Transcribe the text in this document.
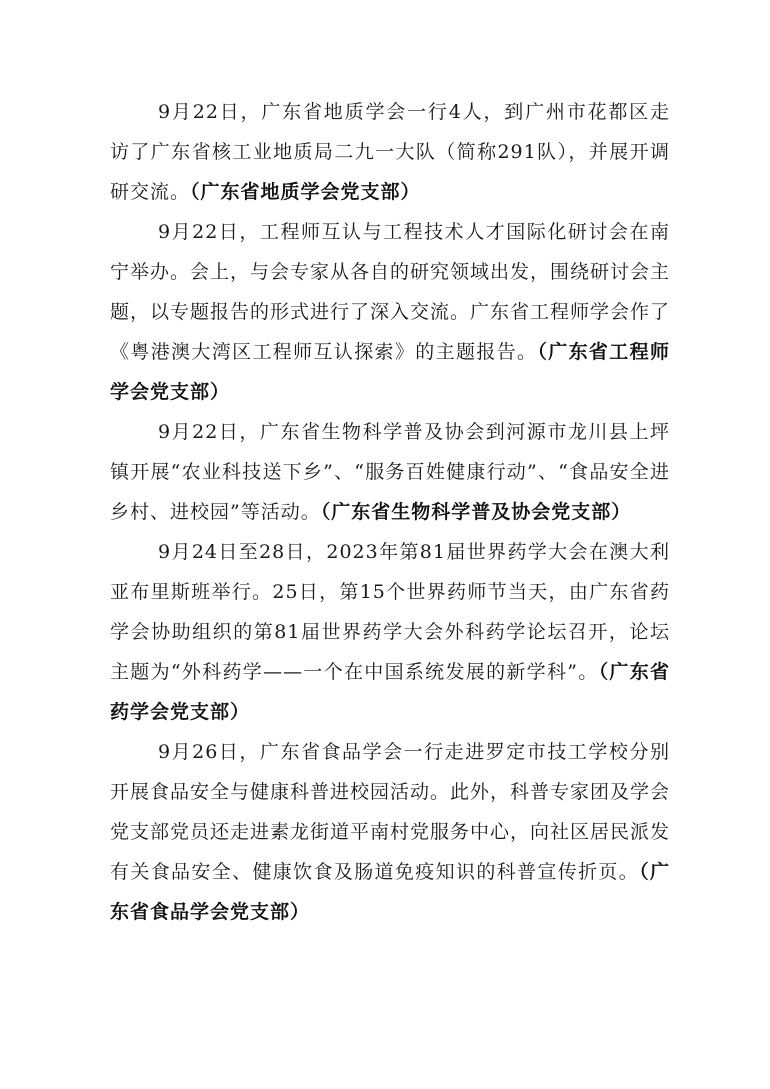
9月22日，广东省地质学会一行4人，到广州市花都区走访了广东省核工业地质局二九一大队（简称291队），并展开调研交流。（广东省地质学会党支部）

9月22日，工程师互认与工程技术人才国际化研讨会在南宁举办。会上，与会专家从各自的研究领域出发，围绕研讨会主题，以专题报告的形式进行了深入交流。广东省工程师学会作了《粤港澳大湾区工程师互认探索》的主题报告。（广东省工程师学会党支部）

9月22日，广东省生物科学普及协会到河源市龙川县上坪镇开展“农业科技送下乡”、“服务百姓健康行动”、“食品安全进乡村、进校园”等活动。（广东省生物科学普及协会党支部）

9月24日至28日，2023年第81届世界药学大会在澳大利亚布里斯班举行。25日，第15个世界药师节当天，由广东省药学会协助组织的第81届世界药学大会外科药学论坛召开，论坛主题为“外科药学——一个在中国系统发展的新学科”。（广东省药学会党支部）

9月26日，广东省食品学会一行走进罗定市技工学校分别开展食品安全与健康科普进校园活动。此外，科普专家团及学会党支部党员还走进素龙街道平南村党服务中心，向社区居民派发有关食品安全、健康饮食及肠道免疫知识的科普宣传折页。（广东省食品学会党支部）
